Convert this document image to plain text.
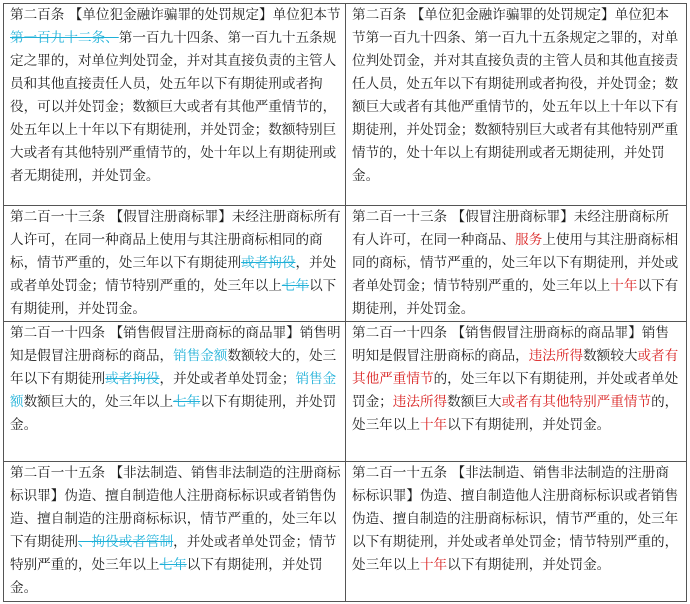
第二百条 【单位犯金融诈骗罪的处罚规定】单位犯本节第一百九十二条、第一百九十四条、第一百九十五条规定之罪的，对单位判处罚金，并对其直接负责的主管人员和其他直接责任人员，处五年以下有期徒刑或者拘役，可以并处罚金；数额巨大或者有其他严重情节的，处五年以上十年以下有期徒刑，并处罚金；数额特别巨大或者有其他特别严重情节的，处十年以上有期徒刑或者无期徒刑，并处罚金。	第二百条 【单位犯金融诈骗罪的处罚规定】单位犯本节第一百九十四条、第一百九十五条规定之罪的，对单位判处罚金，并对其直接负责的主管人员和其他直接责任人员，处五年以下有期徒刑或者拘役，并处罚金；数额巨大或者有其他严重情节的，处五年以上十年以下有期徒刑，并处罚金；数额特别巨大或者有其他特别严重情节的，处十年以上有期徒刑或者无期徒刑，并处罚金。
第二百一十三条 【假冒注册商标罪】未经注册商标所有人许可，在同一种商品上使用与其注册商标相同的商标，情节严重的，处三年以下有期徒刑或者拘役，并处或者单处罚金；情节特别严重的，处三年以上七年以下有期徒刑，并处罚金。	第二百一十三条 【假冒注册商标罪】未经注册商标所有人许可，在同一种商品、服务上使用与其注册商标相同的商标，情节严重的，处三年以下有期徒刑，并处或者单处罚金；情节特别严重的，处三年以上十年以下有期徒刑，并处罚金。
第二百一十四条 【销售假冒注册商标的商品罪】销售明知是假冒注册商标的商品，销售金额数额较大的，处三年以下有期徒刑或者拘役，并处或者单处罚金；销售金额数额巨大的，处三年以上七年以下有期徒刑，并处罚金。	第二百一十四条 【销售假冒注册商标的商品罪】销售明知是假冒注册商标的商品，违法所得数额较大或者有其他严重情节的，处三年以下有期徒刑，并处或者单处罚金；违法所得数额巨大或者有其他特别严重情节的，处三年以上十年以下有期徒刑，并处罚金。
第二百一十五条 【非法制造、销售非法制造的注册商标标识罪】伪造、擅自制造他人注册商标标识或者销售伪造、擅自制造的注册商标标识，情节严重的，处三年以下有期徒刑、拘役或者管制，并处或者单处罚金；情节特别严重的，处三年以上七年以下有期徒刑，并处罚金。	第二百一十五条 【非法制造、销售非法制造的注册商标标识罪】伪造、擅自制造他人注册商标标识或者销售伪造、擅自制造的注册商标标识，情节严重的，处三年以下有期徒刑，并处或者单处罚金；情节特别严重的，处三年以上十年以下有期徒刑，并处罚金。
